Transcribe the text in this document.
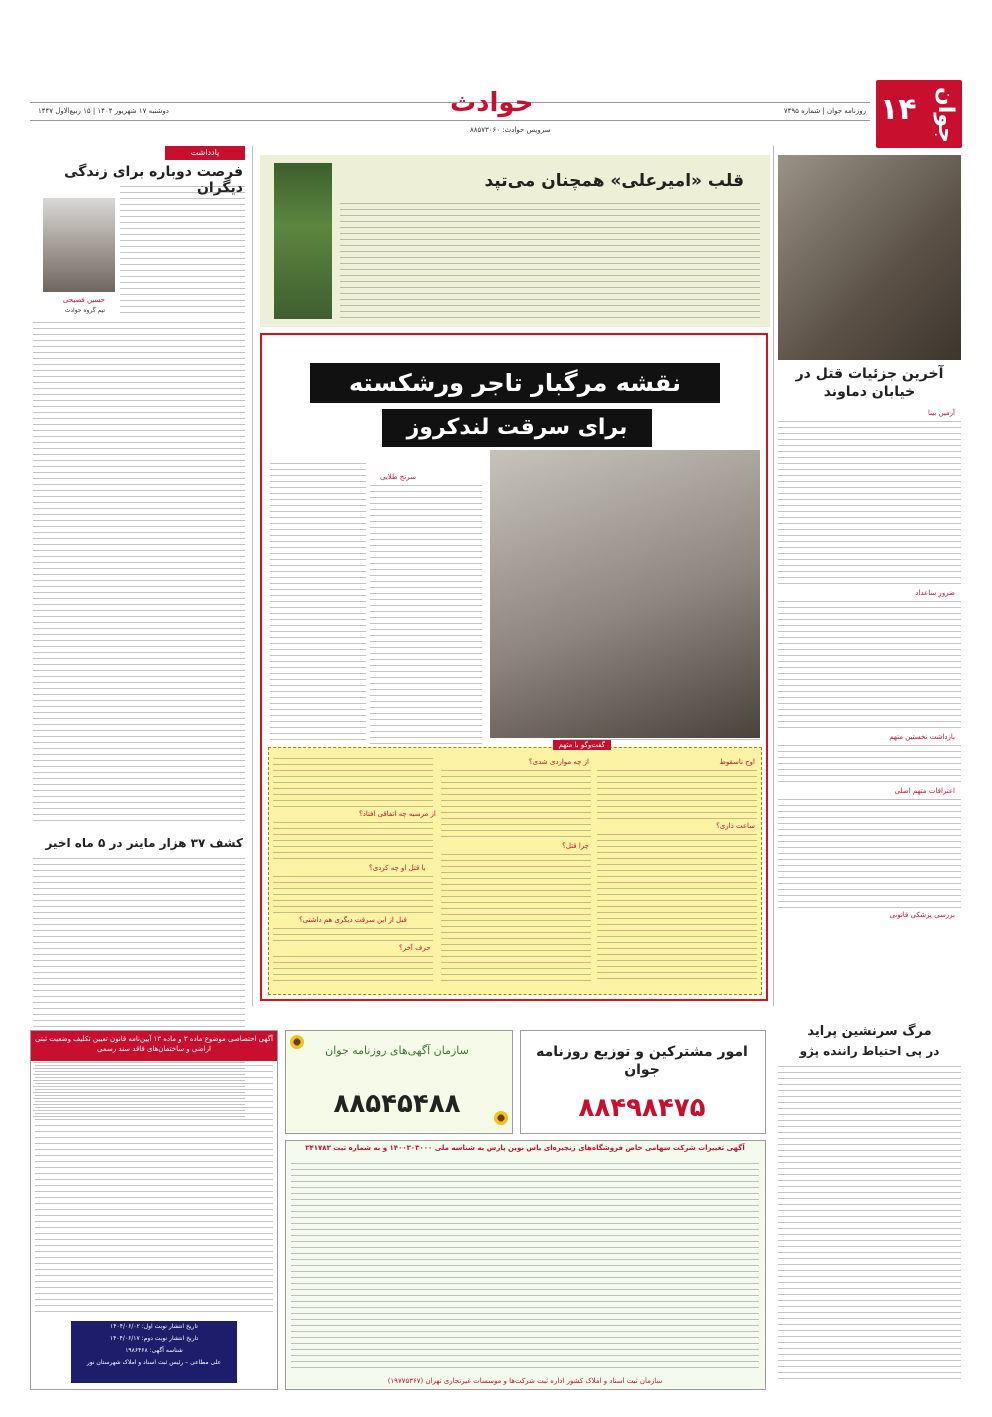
جوان
۱۴
روزنامه جوان | شماره ۷۴۹۵
دوشنبه ۱۷ شهریور ۱۴۰۴ | ۱۵ ربیع‌الاول ۱۴۴۷	حوادث
سرویس حوادث: ۸۸۵۷۳۰۶۰
یادداشت
فرصت دوباره برای زندگی دیگران
حسین فصیحی
تیم گروه حوادث
کشف ۳۷ هزار ماینر در ۵ ماه اخیر
قلب «امیرعلی» همچنان می‌تپد
آخرین جزئیات قتل در خیابان دماوند
آرمین بینا
ضرورِ ساعداد
بازداشت نخستین متهم
اعترافات متهم اصلی
بررسی پزشکی قانونی
نقشه مرگبار تاجر ورشکسته
برای سرقت لندکروز
سرنخ طلایی
گفت‌وگو با متهم
اوج ناسقوط
ساعت ذاری؟
از چه مواردی شدی؟
چرا قتل؟
از مرسبه چه اتفاقی افتاد؟
با قتل او چه کردی؟
قبل از این سرقت دیگری هم داشتی؟
حرف آخر؟
مرگ سرنشین پراید
در پی احتیاط راننده پژو
امور مشترکین و توزیع روزنامه جوان
۸۸۴۹۸۴۷۵
سازمان آگهی‌های روزنامه جوان
۸۸۵۴۵۴۸۸
آگهی اختصاصی موضوع ماده ۳ و ماده ۱۳ آیین‌نامه قانون تعیین تکلیف وضعیت ثبتی اراضی و ساختمان‌های فاقد سند رسمی
تاریخ انتشار نوبت اول: ۱۴۰۴/۰۶/۰۲
تاریخ انتشار نوبت دوم: ۱۴۰۴/۰۶/۱۷
شناسه آگهی: ۱۹۸۶۴۶۸
علی مطاعی – رئیس ثبت اسناد و املاک شهرستان نور
آگهی تغییرات شرکت سهامی خاص فروشگاه‌های زنجیره‌ای یاس نوین پارس به شناسه ملی ۱۴۰۰۳۰۳۰۰۰ و به شماره ثبت ۳۴۱۷۸۳
سازمان ثبت اسناد و املاک کشور اداره ثبت شرکت‌ها و موسسات غیرتجاری تهران (۱۹۷۷۵۳۶۷)
